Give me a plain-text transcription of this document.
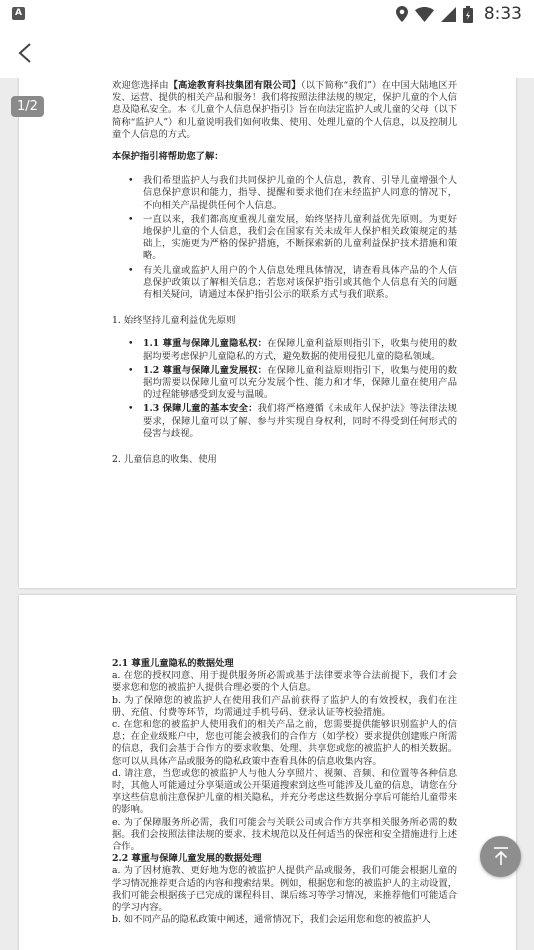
A	8:33

欢迎您选择由【高途教育科技集团有限公司】（以下简称“我们”）在中国大陆地区开发、运营、提供的相关产品和服务！我们将按照法律法规的规定，保护儿童的个人信息及隐私安全。本《儿童个人信息保护指引》旨在向法定监护人或儿童的父母（以下简称“监护人”）和儿童说明我们如何收集、使用、处理儿童的个人信息，以及控制儿童个人信息的方式。

本保护指引将帮助您了解：
• 我们希望监护人与我们共同保护儿童的个人信息，教育、引导儿童增强个人信息保护意识和能力，指导、提醒和要求他们在未经监护人同意的情况下，不向相关产品提供任何个人信息。
• 一直以来，我们都高度重视儿童发展，始终坚持儿童利益优先原则。为更好地保护儿童的个人信息，我们会在国家有关未成年人保护相关政策规定的基础上，实施更为严格的保护措施，不断探索新的儿童利益保护技术措施和策略。
• 有关儿童或监护人用户的个人信息处理具体情况，请查看具体产品的个人信息保护政策以了解相关信息；若您对该保护指引或其他个人信息有关的问题有相关疑问，请通过本保护指引公示的联系方式与我们联系。
1. 始终坚持儿童利益优先原则
• 1.1 尊重与保障儿童隐私权：在保障儿童利益原则指引下，收集与使用的数据均要考虑保护儿童隐私的方式，避免数据的使用侵犯儿童的隐私领域。
• 1.2 尊重与保障儿童发展权：在保障儿童利益原则指引下，收集与使用的数据均需要以保障儿童可以充分发展个性、能力和才华，保障儿童在使用产品的过程能够感受到友爱与温暖。
• 1.3 保障儿童的基本安全：我们将严格遵循《未成年人保护法》等法律法规要求，保障儿童可以了解、参与并实现自身权利，同时不得受到任何形式的侵害与歧视。
2. 儿童信息的收集、使用
2.1 尊重儿童隐私的数据处理

a. 在您的授权同意、用于提供服务所必需或基于法律要求等合法前提下，我们才会要求您和您的被监护人提供合理必要的个人信息。

b. 为了保障您的被监护人在使用我们产品前获得了监护人的有效授权，我们在注册、充值、付费等环节，均需通过手机号码、登录认证等校验措施。

c. 在您和您的被监护人使用我们的相关产品之前，您需要提供能够识别监护人的信息；在企业级账户中，您也可能会被我们的合作方（如学校）要求提供创建账户所需的信息，我们会基于合作方的要求收集、处理、共享您或您的被监护人的相关数据。您可以从具体产品或服务的隐私政策中查看具体的信息收集内容。

d. 请注意，当您或您的被监护人与他人分享照片、视频、音频、和位置等各种信息时，其他人可能通过分享渠道或公开渠道搜索到这些可能涉及儿童的信息，请您在分享这些信息前注意保护儿童的相关隐私，并充分考虑这些数据分享后可能给儿童带来的影响。

e. 为了保障服务所必需，我们可能会与关联公司或合作方共享相关服务所必需的数据。我们会按照法律法规的要求、技术规范以及任何适当的保密和安全措施进行上述合作。

2.2 尊重与保障儿童发展的数据处理

a. 为了因材施教、更好地为您的被监护人提供产品或服务，我们可能会根据儿童的学习情况推荐更合适的内容和搜索结果。例如，根据您和您的被监护人的主动设置，我们可能会根据孩子已完成的课程科目、课后练习等学习情况，来推荐他们可能适合的学习内容。

b. 如不同产品的隐私政策中阐述，通常情况下，我们会运用您和您的被监护人

1/2
